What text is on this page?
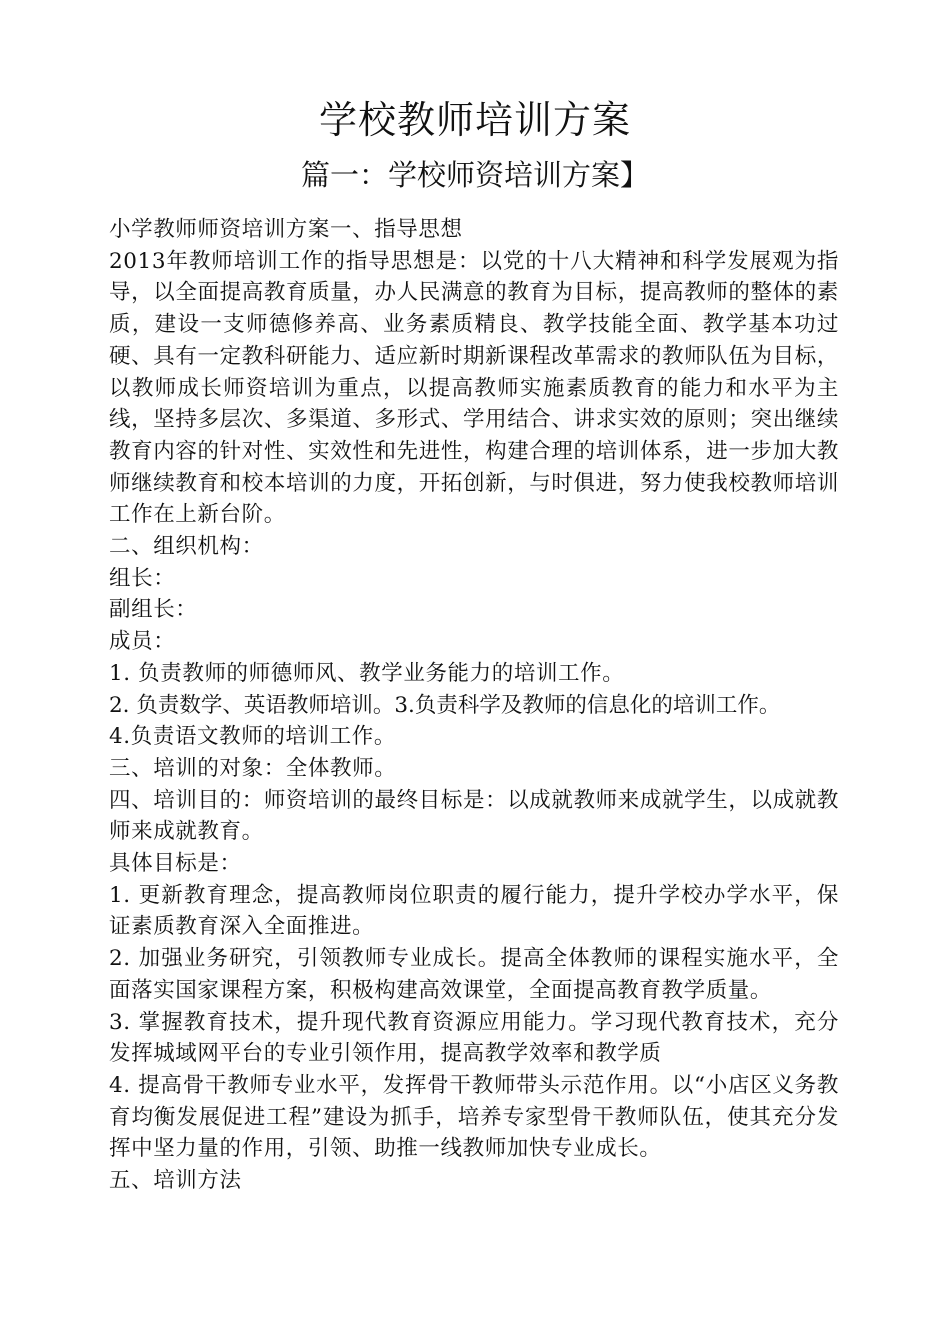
学校教师培训方案
篇一：学校师资培训方案】

小学教师师资培训方案一、指导思想

2013年教师培训工作的指导思想是：以党的十八大精神和科学发展观为指导，以全面提高教育质量，办人民满意的教育为目标，提高教师的整体的素质，建设一支师德修养高、业务素质精良、教学技能全面、教学基本功过硬、具有一定教科研能力、适应新时期新课程改革需求的教师队伍为目标，以教师成长师资培训为重点，以提高教师实施素质教育的能力和水平为主线，坚持多层次、多渠道、多形式、学用结合、讲求实效的原则；突出继续教育内容的针对性、实效性和先进性，构建合理的培训体系，进一步加大教师继续教育和校本培训的力度，开拓创新，与时俱进，努力使我校教师培训工作在上新台阶。

二、组织机构：

组长：

副组长：

成员：

1. 负责教师的师德师风、教学业务能力的培训工作。

2. 负责数学、英语教师培训。3.负责科学及教师的信息化的培训工作。

4.负责语文教师的培训工作。

三、培训的对象：全体教师。

四、培训目的：师资培训的最终目标是：以成就教师来成就学生，以成就教师来成就教育。

具体目标是：

1. 更新教育理念，提高教师岗位职责的履行能力，提升学校办学水平，保证素质教育深入全面推进。

2. 加强业务研究，引领教师专业成长。提高全体教师的课程实施水平，全面落实国家课程方案，积极构建高效课堂，全面提高教育教学质量。

3. 掌握教育技术，提升现代教育资源应用能力。学习现代教育技术，充分发挥城域网平台的专业引领作用，提高教学效率和教学质

4. 提高骨干教师专业水平，发挥骨干教师带头示范作用。以“小店区义务教育均衡发展促进工程”建设为抓手，培养专家型骨干教师队伍，使其充分发挥中坚力量的作用，引领、助推一线教师加快专业成长。

五、培训方法
